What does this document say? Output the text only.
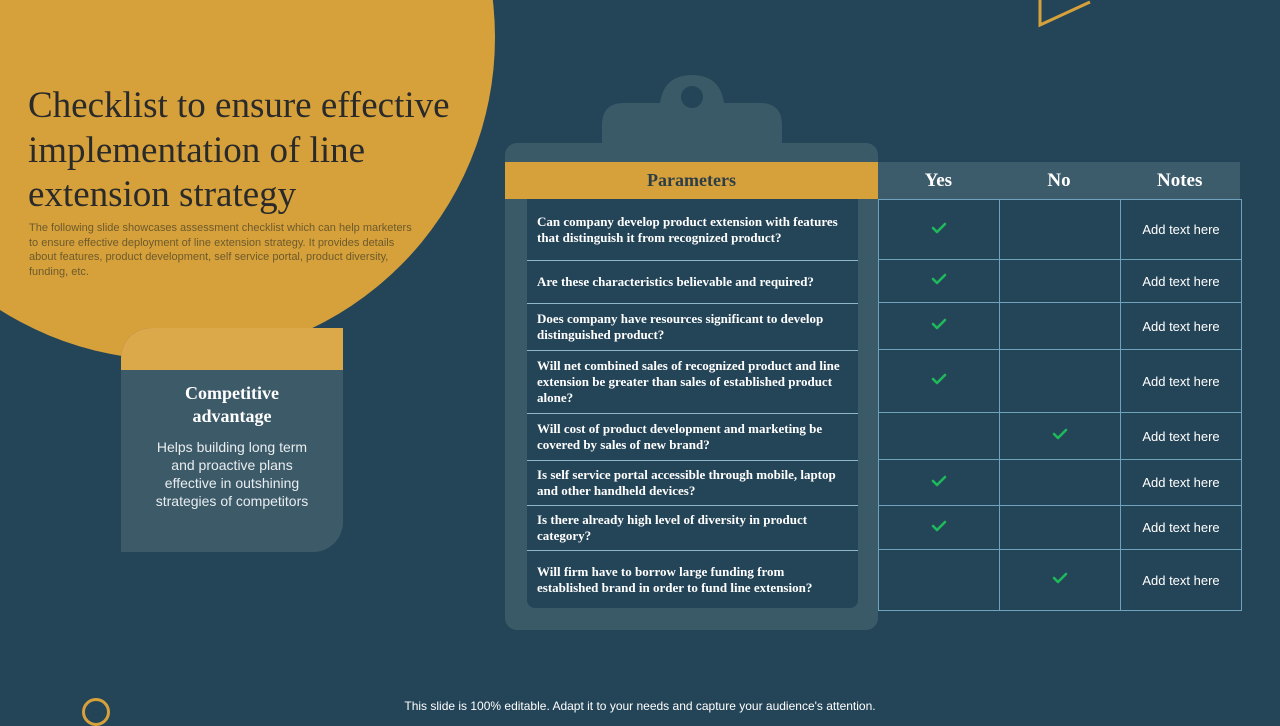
Checklist to ensure effective implementation of line extension strategy

The following slide showcases assessment checklist which can help marketers to ensure effective deployment of line extension strategy. It provides details about features, product development, self service portal, product diversity, funding, etc.

Competitive advantage
Helps building long term and proactive plans effective in outshining strategies of competitors
Parameters
Can company develop product extension with features that distinguish it from recognized product?
Are these characteristics believable and required?
Does company have resources significant to develop distinguished product?
Will net combined sales of recognized product and line extension be greater than sales of established product alone?
Will cost of product development and marketing be covered by sales of new brand?
Is self service portal accessible through mobile, laptop and other handheld devices?
Is there already high level of diversity in product category?
Will firm have to borrow large funding from established brand in order to fund line extension?
Yes	No	Notes
Add text here
Add text here
Add text here
Add text here
Add text here
Add text here
Add text here
Add text here
This slide is 100% editable. Adapt it to your needs and capture your audience's attention.
